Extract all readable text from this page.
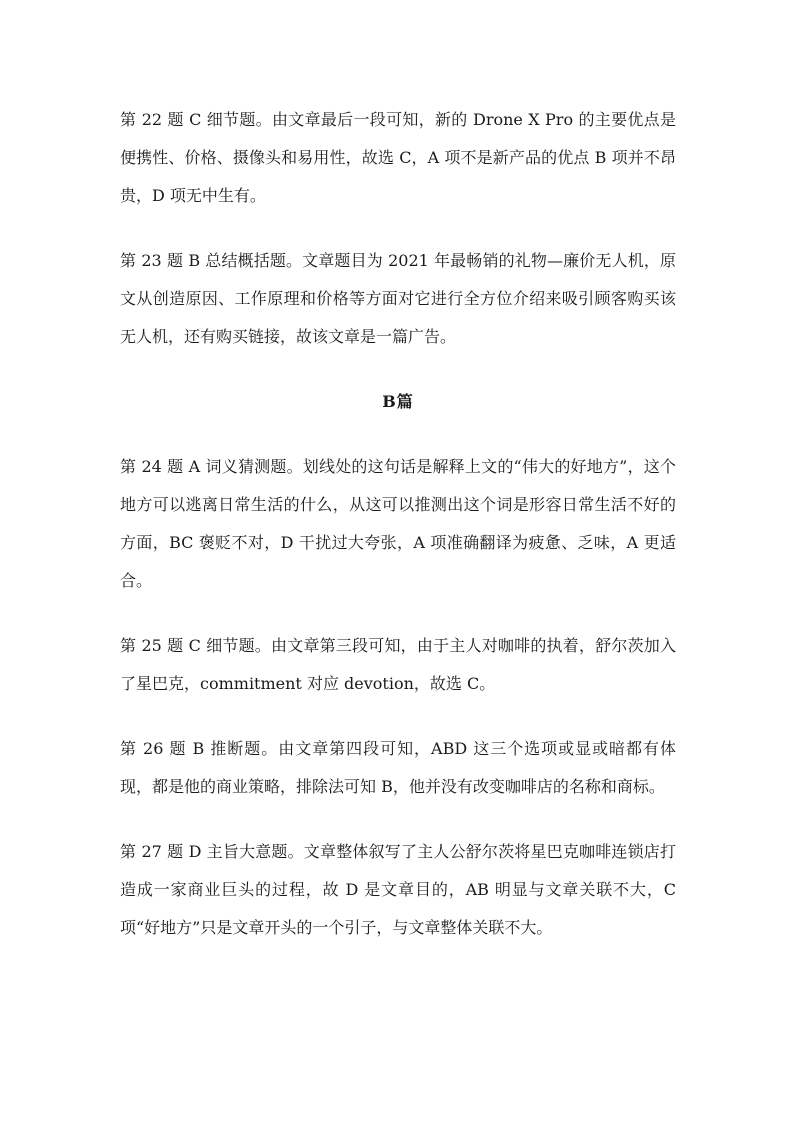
第 22 题 C 细节题。由文章最后一段可知，新的 Drone X Pro 的主要优点是便携性、价格、摄像头和易用性，故选 C，A 项不是新产品的优点 B 项并不昂贵，D 项无中生有。

第 23 题 B 总结概括题。文章题目为 2021 年最畅销的礼物—廉价无人机，原文从创造原因、工作原理和价格等方面对它进行全方位介绍来吸引顾客购买该无人机，还有购买链接，故该文章是一篇广告。

B篇

第 24 题 A 词义猜测题。划线处的这句话是解释上文的“伟大的好地方”，这个地方可以逃离日常生活的什么，从这可以推测出这个词是形容日常生活不好的方面，BC 褒贬不对，D 干扰过大夸张，A 项准确翻译为疲惫、乏味，A 更适合。

第 25 题 C 细节题。由文章第三段可知，由于主人对咖啡的执着，舒尔茨加入了星巴克，commitment 对应 devotion，故选 C。

第 26 题 B 推断题。由文章第四段可知，ABD 这三个选项或显或暗都有体现，都是他的商业策略，排除法可知 B，他并没有改变咖啡店的名称和商标。

第 27 题 D 主旨大意题。文章整体叙写了主人公舒尔茨将星巴克咖啡连锁店打造成一家商业巨头的过程，故 D 是文章目的，AB 明显与文章关联不大，C 项“好地方”只是文章开头的一个引子，与文章整体关联不大。
